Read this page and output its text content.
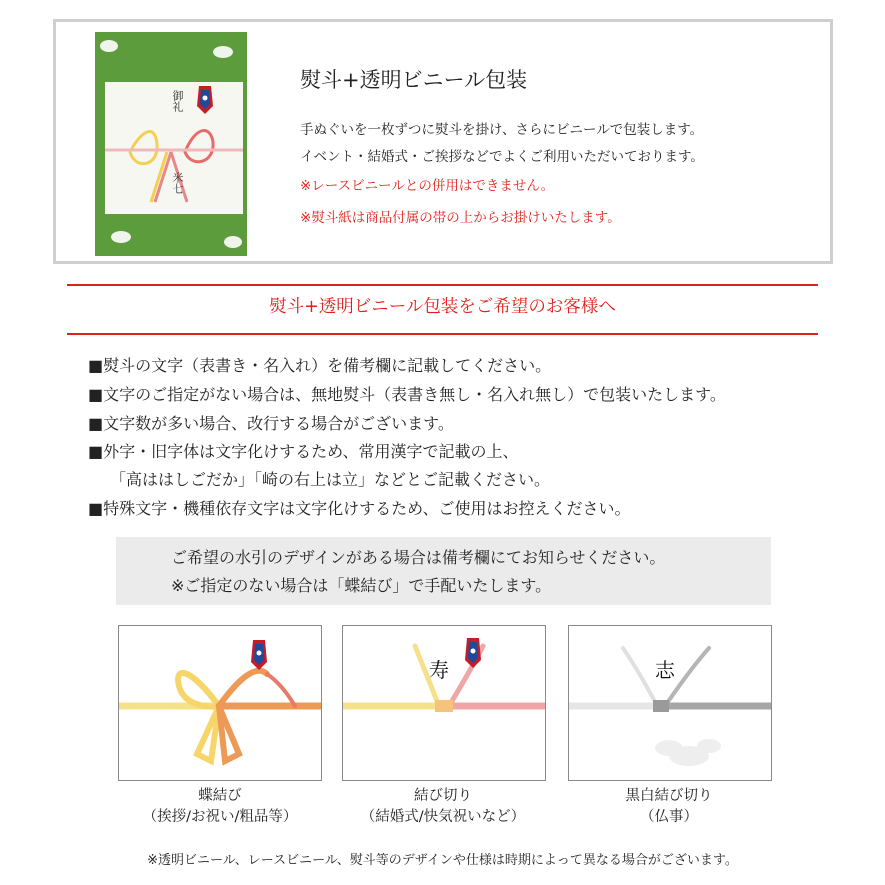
御礼
米七
熨斗+透明ビニール包装
手ぬぐいを一枚ずつに熨斗を掛け、さらにビニールで包装します。
イベント・結婚式・ご挨拶などでよくご利用いただいております。
※レースビニールとの併用はできません。
※熨斗紙は商品付属の帯の上からお掛けいたします。
熨斗+透明ビニール包装をご希望のお客様へ
■熨斗の文字（表書き・名入れ）を備考欄に記載してください。
■文字のご指定がない場合は、無地熨斗（表書き無し・名入れ無し）で包装いたします。
■文字数が多い場合、改行する場合がございます。
■外字・旧字体は文字化けするため、常用漢字で記載の上、
「高ははしごだか」「崎の右上は立」などとご記載ください。
■特殊文字・機種依存文字は文字化けするため、ご使用はお控えください。
ご希望の水引のデザインがある場合は備考欄にてお知らせください。
※ご指定のない場合は「蝶結び」で手配いたします。
蝶結び
（挨拶/お祝い/粗品等）
寿
結び切り
（結婚式/快気祝いなど）
志
黒白結び切り
（仏事）
※透明ビニール、レースビニール、熨斗等のデザインや仕様は時期によって異なる場合がございます。
